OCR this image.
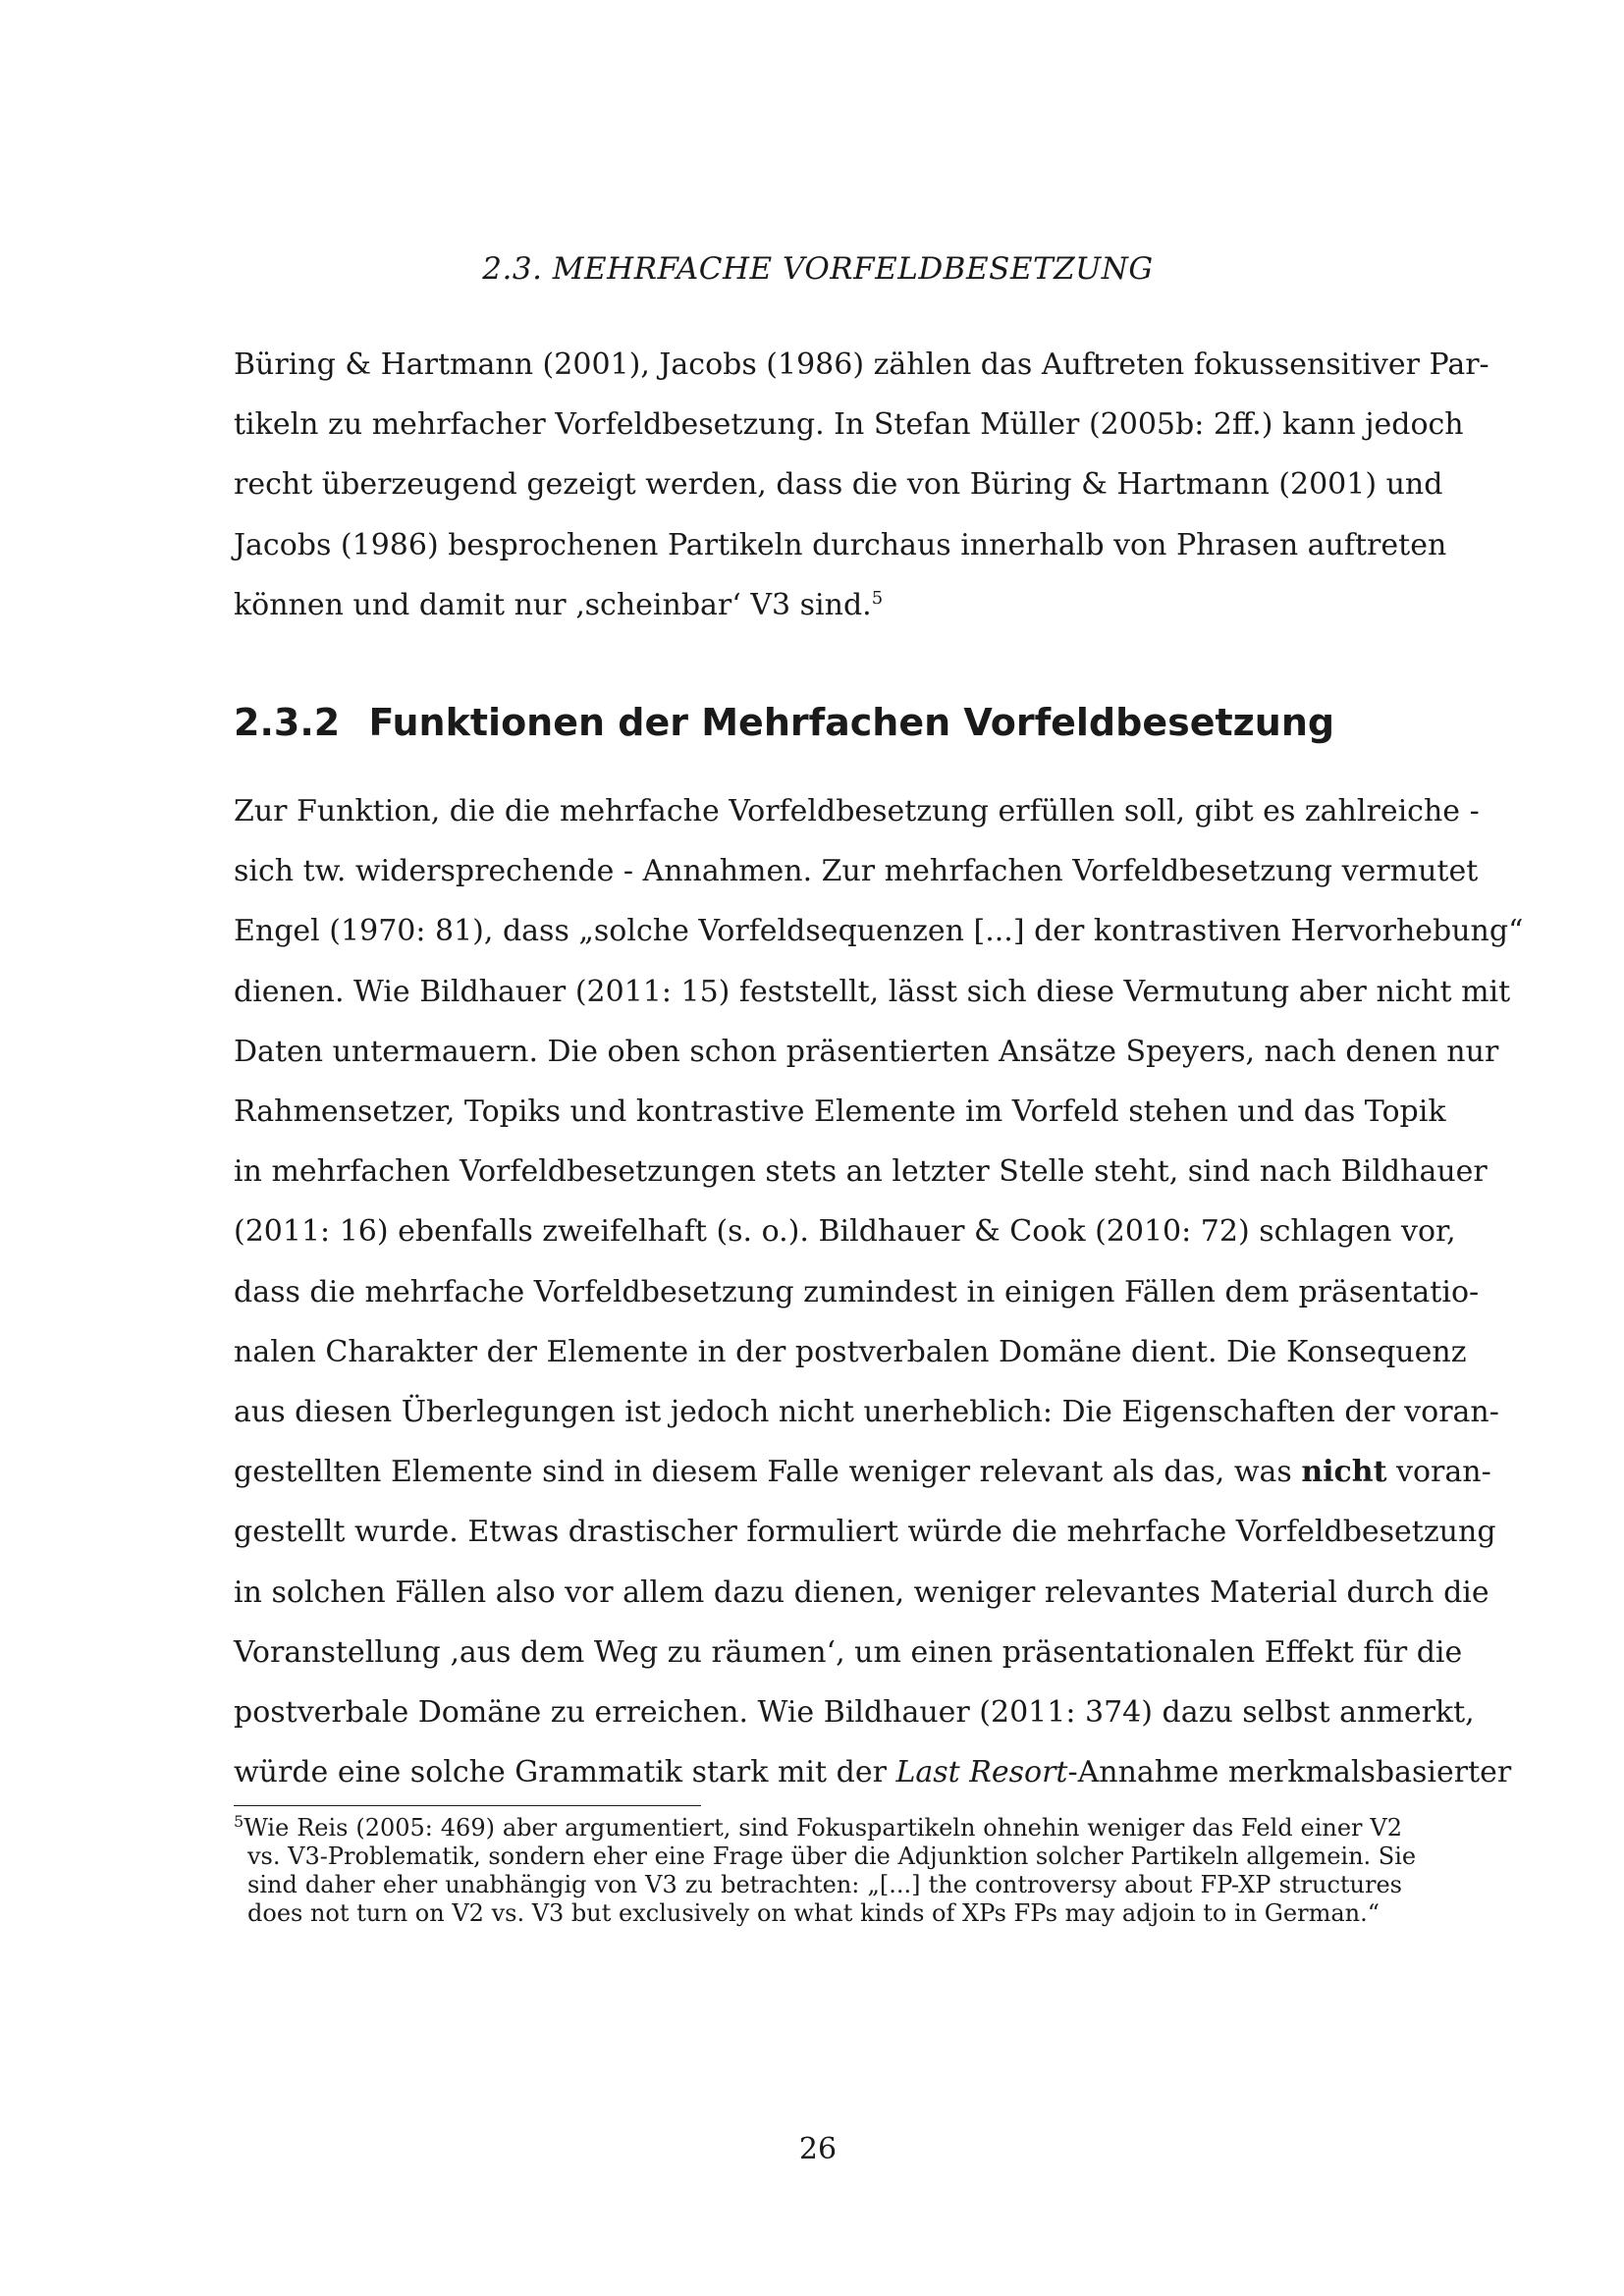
2.3. MEHRFACHE VORFELDBESETZUNG
Büring & Hartmann (2001), Jacobs (1986) zählen das Auftreten fokussensitiver Par-
tikeln zu mehrfacher Vorfeldbesetzung. In Stefan Müller (2005b: 2ff.) kann jedoch
recht überzeugend gezeigt werden, dass die von Büring & Hartmann (2001) und
Jacobs (1986) besprochenen Partikeln durchaus innerhalb von Phrasen auftreten
können und damit nur ‚scheinbar‘ V3 sind.$^5$
2.3.2 Funktionen der Mehrfachen Vorfeldbesetzung
Zur Funktion, die die mehrfache Vorfeldbesetzung erfüllen soll, gibt es zahlreiche -
sich tw. widersprechende - Annahmen. Zur mehrfachen Vorfeldbesetzung vermutet
Engel (1970: 81), dass „solche Vorfeldsequenzen [...] der kontrastiven Hervorhebung“
dienen. Wie Bildhauer (2011: 15) feststellt, lässt sich diese Vermutung aber nicht mit
Daten untermauern. Die oben schon präsentierten Ansätze Speyers, nach denen nur
Rahmensetzer, Topiks und kontrastive Elemente im Vorfeld stehen und das Topik
in mehrfachen Vorfeldbesetzungen stets an letzter Stelle steht, sind nach Bildhauer
(2011: 16) ebenfalls zweifelhaft (s. o.). Bildhauer & Cook (2010: 72) schlagen vor,
dass die mehrfache Vorfeldbesetzung zumindest in einigen Fällen dem präsentatio-
nalen Charakter der Elemente in der postverbalen Domäne dient. Die Konsequenz
aus diesen Überlegungen ist jedoch nicht unerheblich: Die Eigenschaften der voran-
gestellten Elemente sind in diesem Falle weniger relevant als das, was nicht voran-
gestellt wurde. Etwas drastischer formuliert würde die mehrfache Vorfeldbesetzung
in solchen Fällen also vor allem dazu dienen, weniger relevantes Material durch die
Voranstellung ‚aus dem Weg zu räumen‘, um einen präsentationalen Effekt für die
postverbale Domäne zu erreichen. Wie Bildhauer (2011: 374) dazu selbst anmerkt,
würde eine solche Grammatik stark mit der Last Resort-Annahme merkmalsbasierter
$^5$Wie Reis (2005: 469) aber argumentiert, sind Fokuspartikeln ohnehin weniger das Feld einer V2
vs. V3-Problematik, sondern eher eine Frage über die Adjunktion solcher Partikeln allgemein. Sie
sind daher eher unabhängig von V3 zu betrachten: „[...] the controversy about FP-XP structures
does not turn on V2 vs. V3 but exclusively on what kinds of XPs FPs may adjoin to in German.“
26
